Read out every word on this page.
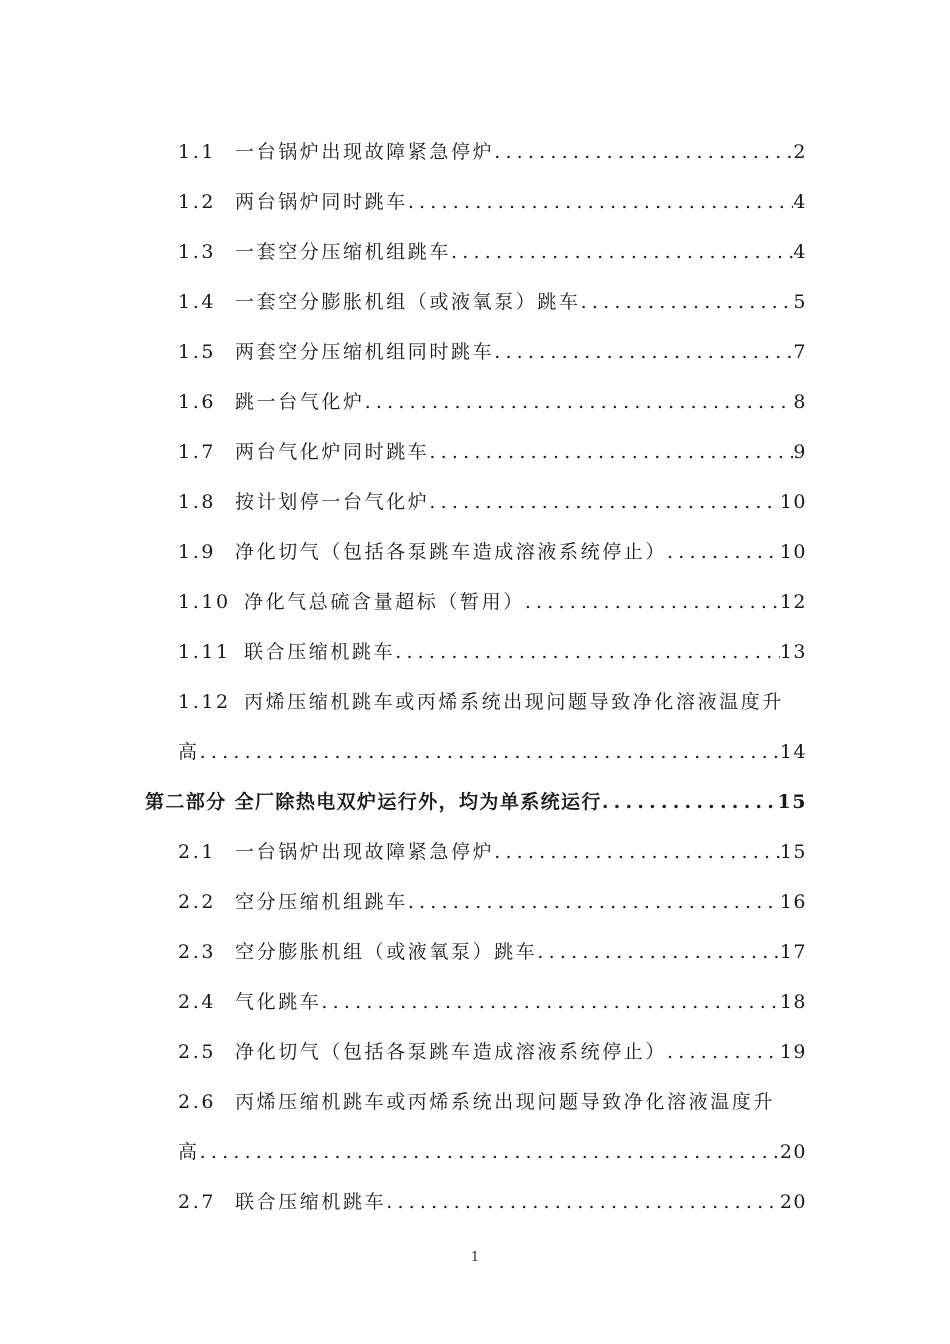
1.1 一台锅炉出现故障紧急停炉 .....	2
1.2 两台锅炉同时跳车 .....	4
1.3 一套空分压缩机组跳车 .....	4
1.4 一套空分膨胀机组（或液氧泵）跳车 .....	5
1.5 两套空分压缩机组同时跳车 .....	7
1.6 跳一台气化炉 .....	8
1.7 两台气化炉同时跳车 .....	9
1.8 按计划停一台气化炉 .....	10
1.9 净化切气（包括各泵跳车造成溶液系统停止） .....	10
1.10 净化气总硫含量超标（暂用） .....	12
1.11 联合压缩机跳车 .....	13
1.12 丙烯压缩机跳车或丙烯系统出现问题导致净化溶液温度升
高 .....	14
第二部分 全厂除热电双炉运行外，均为单系统运行 .....	15
2.1 一台锅炉出现故障紧急停炉 .....	15
2.2 空分压缩机组跳车 .....	16
2.3 空分膨胀机组（或液氧泵）跳车 .....	17
2.4 气化跳车 .....	18
2.5 净化切气（包括各泵跳车造成溶液系统停止） .....	19
2.6 丙烯压缩机跳车或丙烯系统出现问题导致净化溶液温度升
高 .....	20
2.7 联合压缩机跳车 .....	20
1
